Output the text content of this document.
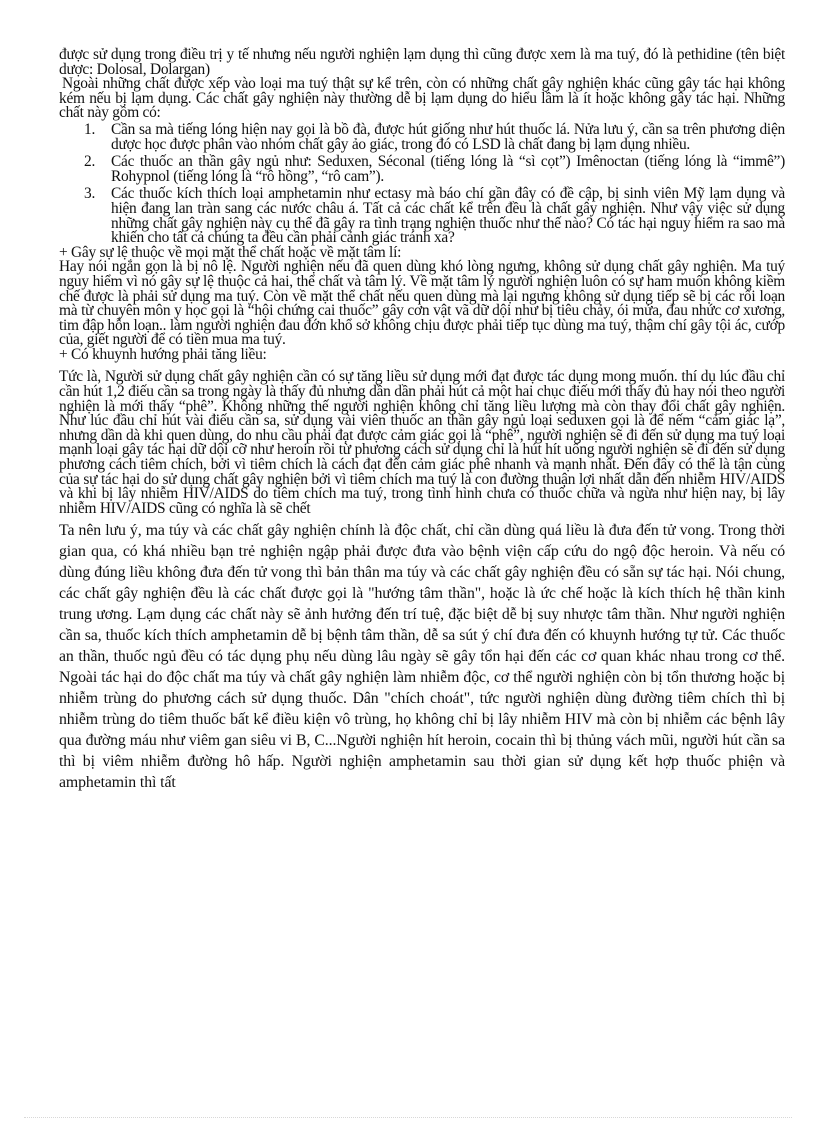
được sử dụng trong điều trị y tế nhưng nếu người nghiện lạm dụng thì cũng được xem là ma tuý, đó là pethidine (tên biệt dược: Dolosal, Dolargan)

Ngoài những chất được xếp vào loại ma tuý thật sự kể trên, còn có những chất gây nghiện khác cũng gây tác hại không kém nếu bị lạm dụng. Các chất gây nghiện này thường dễ bị lạm dụng do hiểu lầm là ít hoặc không gây tác hại. Những chất này gồm có:

1. Cần sa mà tiếng lóng hiện nay gọi là bồ đà, được hút giống như hút thuốc lá. Nửa lưu ý, cần sa trên phương diện dược học được phân vào nhóm chất gây ảo giác, trong đó có LSD là chất đang bị lạm dụng nhiều.
2. Các thuốc an thần gây ngủ như: Seduxen, Séconal (tiếng lóng là “sì cọt”) Imênoctan (tiếng lóng là “immê”) Rohypnol (tiếng lóng là “rô hồng”, “rô cam”).
3. Các thuốc kích thích loại amphetamin như ectasy mà báo chí gần đây có đề cập, bị sinh viên Mỹ lạm dụng và hiện đang lan tràn sang các nước châu á. Tất cả các chất kể trên đều là chất gây nghiện. Như vậy việc sử dụng những chất gây nghiện này cụ thể đã gây ra tình trạng nghiện thuốc như thế nào? Có tác hại nguy hiểm ra sao mà khiến cho tất cả chúng ta đều cần phải cảnh giác tránh xa?

+ Gây sự lệ thuộc về mọi mặt thể chất hoặc về mặt tâm lí:

Hay nói ngắn gọn là bị nô lệ. Người nghiện nếu đã quen dùng khó lòng ngưng, không sử dụng chất gây nghiện. Ma tuý nguy hiểm vì nó gây sự lệ thuộc cả hai, thể chất và tâm lý. Về mặt tâm lý người nghiện luôn có sự ham muốn không kiềm chế được là phải sử dụng ma tuý. Còn về mặt thể chất nếu quen dùng mà lại ngưng không sử dụng tiếp sẽ bị các rối loạn mà từ chuyên môn y học gọi là “hội chứng cai thuốc” gây cơn vật vã dữ dội như bị tiêu chảy, ói mửa, đau nhức cơ xương, tim đập hỗn loạn.. làm người nghiện đau đớn khổ sở không chịu được phải tiếp tục dùng ma tuý, thậm chí gây tội ác, cướp của, giết người để có tiền mua ma tuý.

+ Có khuynh hướng phải tăng liều:

Tức là, Người sử dụng chất gây nghiện cần có sự tăng liều sử dụng mới đạt được tác dụng mong muốn. thí dụ lúc đầu chỉ cần hút 1,2 điếu cần sa trong ngày là thấy đủ nhưng dần dần phải hút cả một hai chục điếu mới thấy đủ hay nói theo người nghiện là mới thấy “phê”. Không những thế người nghiện không chỉ tăng liều lượng mà còn thay đổi chất gây nghiện. Như lúc đầu chỉ hút vài điếu cần sa, sử dụng vài viên thuốc an thần gây ngủ loại seduxen gọi là để nếm “cảm giác lạ”, nhưng dần dà khi quen dùng, do nhu cầu phải đạt được cảm giác gọi là “phê”, người nghiện sẽ đi đến sử dụng ma tuý loại mạnh loại gây tác hại dữ dội cỡ như heroin rồi từ phương cách sử dụng chỉ là hút hít uống người nghiện sẽ đi đến sử dụng phương cách tiêm chích, bởi vì tiêm chích là cách đạt đến cảm giác phê nhanh và mạnh nhất. Đến đây có thể là tận cùng của sự tác hại do sử dụng chất gây nghiện bởi vì tiêm chích ma tuý là con đường thuận lợi nhất dẫn đến nhiễm HIV/AIDS và khi bị lây nhiễm HIV/AIDS do tiêm chích ma tuý, trong tình hình chưa có thuốc chữa và ngừa như hiện nay, bị lây nhiễm HIV/AIDS cũng có nghĩa là sẽ chết

Ta nên lưu ý, ma túy và các chất gây nghiện chính là độc chất, chỉ cần dùng quá liều là đưa đến tử vong. Trong thời gian qua, có khá nhiều bạn trẻ nghiện ngập phải được đưa vào bệnh viện cấp cứu do ngộ độc heroin. Và nếu có dùng đúng liều không đưa đến tử vong thì bản thân ma túy và các chất gây nghiện đều có sẵn sự tác hại. Nói chung, các chất gây nghiện đều là các chất được gọi là "hướng tâm thần", hoặc là ức chế hoặc là kích thích hệ thần kinh trung ương. Lạm dụng các chất này sẽ ảnh hưởng đến trí tuệ, đặc biệt dễ bị suy nhược tâm thần. Như người nghiện cần sa, thuốc kích thích amphetamin dễ bị bệnh tâm thần, dễ sa sút ý chí đưa đến có khuynh hướng tự tử. Các thuốc an thần, thuốc ngủ đều có tác dụng phụ nếu dùng lâu ngày sẽ gây tổn hại đến các cơ quan khác nhau trong cơ thể. Ngoài tác hại do độc chất ma túy và chất gây nghiện làm nhiễm độc, cơ thể người nghiện còn bị tổn thương hoặc bị nhiễm trùng do phương cách sử dụng thuốc. Dân "chích choát", tức người nghiện dùng đường tiêm chích thì bị nhiễm trùng do tiêm thuốc bất kể điều kiện vô trùng, họ không chỉ bị lây nhiễm HIV mà còn bị nhiễm các bệnh lây qua đường máu như viêm gan siêu vi B, C...Người nghiện hít heroin, cocain thì bị thủng vách mũi, người hút cần sa thì bị viêm nhiễm đường hô hấp. Người nghiện amphetamin sau thời gian sử dụng kết hợp thuốc phiện và amphetamin thì tất
